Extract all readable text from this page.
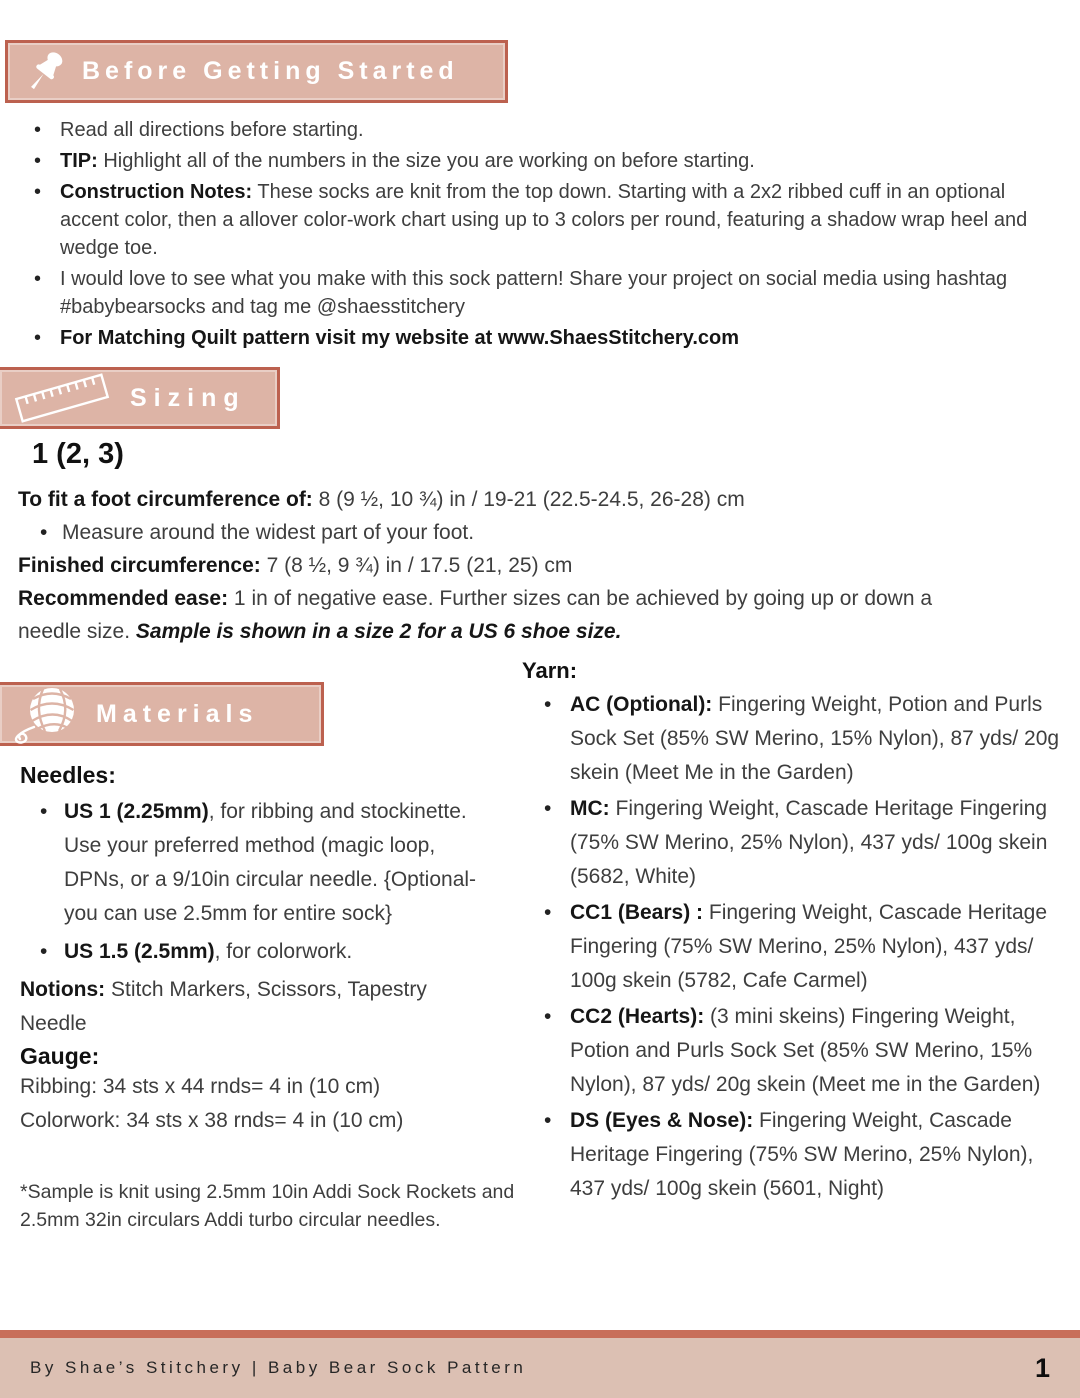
Before Getting Started
• Read all directions before starting.
• TIP: Highlight all of the numbers in the size you are working on before starting.
• Construction Notes: These socks are knit from the top down. Starting with a 2x2 ribbed cuff in an optional accent color, then a allover color-work chart using up to 3 colors per round, featuring a shadow wrap heel and wedge toe.
• I would love to see what you make with this sock pattern! Share your project on social media using hashtag #babybearsocks and tag me @shaesstitchery
• For Matching Quilt pattern visit my website at www.ShaesStitchery.com
Sizing
1 (2, 3)

To fit a foot circumference of: 8 (9 ½, 10 ¾) in / 19-21 (22.5-24.5, 26-28) cm

• Measure around the widest part of your foot.

Finished circumference: 7 (8 ½, 9 ¾) in / 17.5 (21, 25) cm

Recommended ease: 1 in of negative ease. Further sizes can be achieved by going up or down a needle size. Sample is shown in a size 2 for a US 6 shoe size.

Materials
Needles:
• US 1 (2.25mm), for ribbing and stockinette. Use your preferred method (magic loop, DPNs, or a 9/10in circular needle. {Optional- you can use 2.5mm for entire sock}
• US 1.5 (2.5mm), for colorwork.

Notions: Stitch Markers, Scissors, Tapestry Needle

Gauge:

Ribbing: 34 sts x 44 rnds= 4 in (10 cm)

Colorwork: 34 sts x 38 rnds= 4 in (10 cm)

*Sample is knit using 2.5mm 10in Addi Sock Rockets and 2.5mm 32in circulars Addi turbo circular needles.

Yarn:
• AC (Optional): Fingering Weight, Potion and Purls Sock Set (85% SW Merino, 15% Nylon), 87 yds/ 20g skein (Meet Me in the Garden)
• MC: Fingering Weight, Cascade Heritage Fingering (75% SW Merino, 25% Nylon), 437 yds/ 100g skein (5682, White)
• CC1 (Bears) : Fingering Weight, Cascade Heritage Fingering (75% SW Merino, 25% Nylon), 437 yds/ 100g skein (5782, Cafe Carmel)
• CC2 (Hearts): (3 mini skeins) Fingering Weight, Potion and Purls Sock Set (85% SW Merino, 15% Nylon), 87 yds/ 20g skein (Meet me in the Garden)
• DS (Eyes & Nose): Fingering Weight, Cascade Heritage Fingering (75% SW Merino, 25% Nylon), 437 yds/ 100g skein (5601, Night)
By Shae’s Stitchery | Baby Bear Sock Pattern	1
